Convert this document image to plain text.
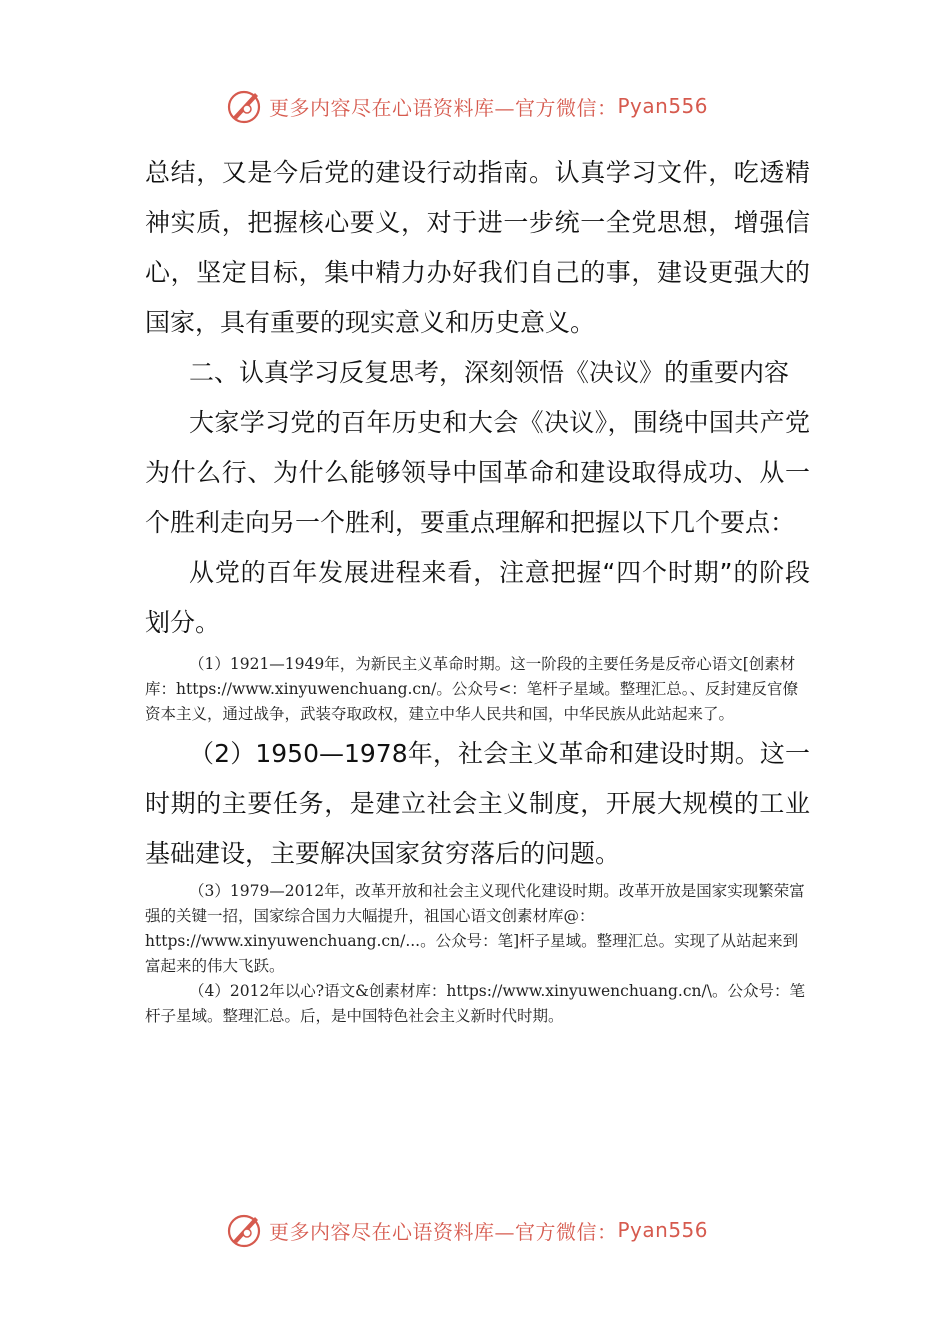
更多内容尽在心语资料库—官方微信： Pyan556

总结，又是今后党的建设行动指南。认真学习文件，吃透精神实质，把握核心要义，对于进一步统一全党思想，增强信心，坚定目标，集中精力办好我们自己的事，建设更强大的国家，具有重要的现实意义和历史意义。

二、认真学习反复思考，深刻领悟《决议》的重要内容

大家学习党的百年历史和大会《决议》，围绕中国共产党为什么行、为什么能够领导中国革命和建设取得成功、从一个胜利走向另一个胜利，要重点理解和把握以下几个要点：

从党的百年发展进程来看，注意把握“四个时期”的阶段划分。

（1）1921—1949年，为新民主义革命时期。这一阶段的主要任务是反帝心语文[创素材库：https://www.xinyuwenchuang.cn/。公众号<：笔杆子星域。整理汇总。、反封建反官僚资本主义，通过战争，武装夺取政权，建立中华人民共和国，中华民族从此站起来了。

（2）1950—1978年，社会主义革命和建设时期。这一时期的主要任务，是建立社会主义制度，开展大规模的工业基础建设，主要解决国家贫穷落后的问题。

（3）1979—2012年，改革开放和社会主义现代化建设时期。改革开放是国家实现繁荣富强的关键一招，国家综合国力大幅提升，祖国心语文创素材库@：https://www.xinyuwenchuang.cn/...。公众号：笔]杆子星域。整理汇总。实现了从站起来到富起来的伟大飞跃。

（4）2012年以心?语文&创素材库：https://www.xinyuwenchuang.cn/\。公众号：笔杆子星域。整理汇总。后，是中国特色社会主义新时代时期。

更多内容尽在心语资料库—官方微信： Pyan556
